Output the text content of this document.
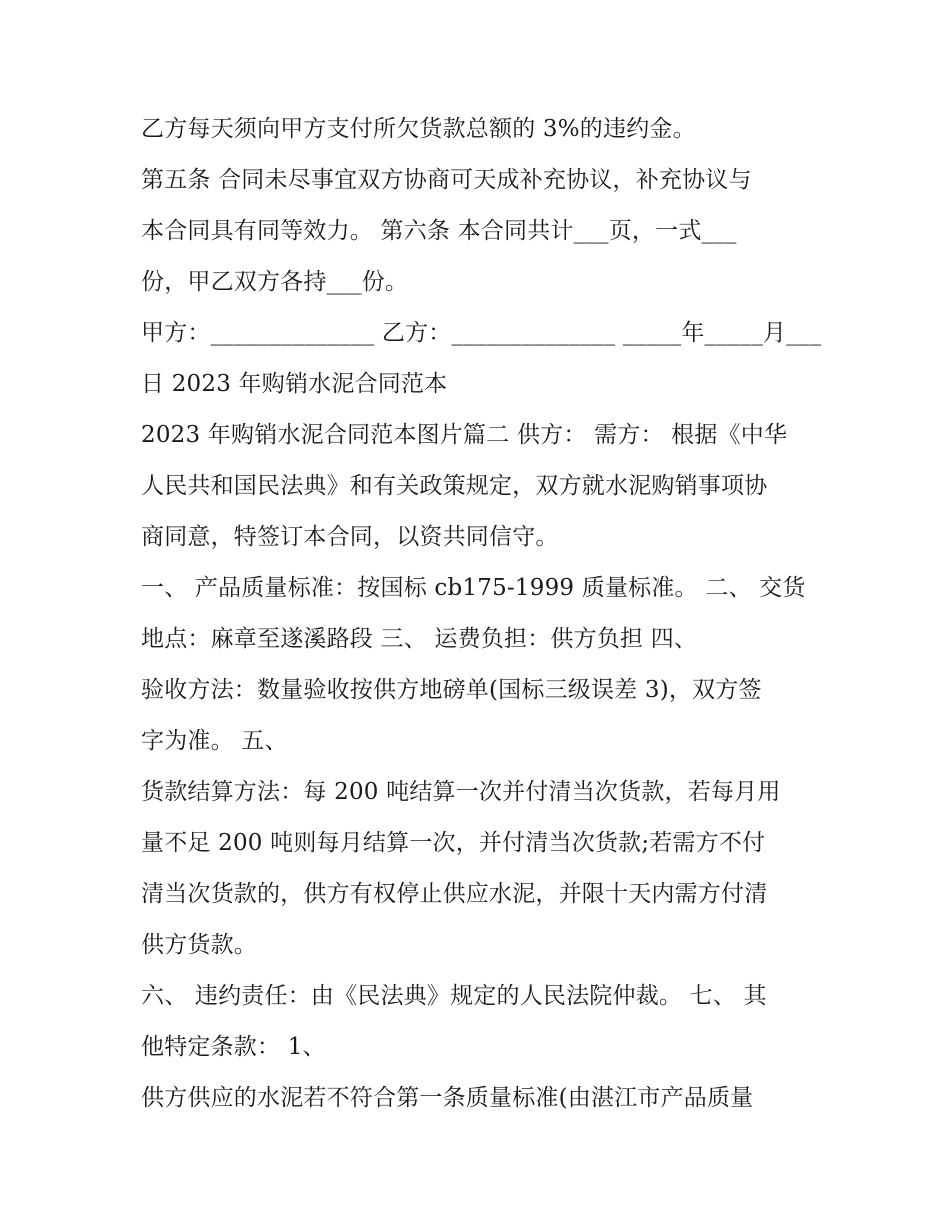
乙方每天须向甲方支付所欠货款总额的 3%的违约金。
第五条 合同未尽事宜双方协商可天成补充协议，补充协议与
本合同具有同等效力。 第六条 本合同共计___页，一式___
份，甲乙双方各持___份。
甲方：______________ 乙方：______________ _____年_____月___
日 2023 年购销水泥合同范本
2023 年购销水泥合同范本图片篇二 供方： 需方： 根据《中华
人民共和国民法典》和有关政策规定，双方就水泥购销事项协
商同意，特签订本合同，以资共同信守。
一、 产品质量标准：按国标 cb175-1999 质量标准。 二、 交货
地点：麻章至遂溪路段 三、 运费负担：供方负担 四、
验收方法：数量验收按供方地磅单(国标三级误差 3)，双方签
字为准。 五、
货款结算方法：每 200 吨结算一次并付清当次货款，若每月用
量不足 200 吨则每月结算一次，并付清当次货款;若需方不付
清当次货款的，供方有权停止供应水泥，并限十天内需方付清
供方货款。
六、 违约责任：由《民法典》规定的人民法院仲裁。 七、 其
他特定条款： 1、
供方供应的水泥若不符合第一条质量标准(由湛江市产品质量
